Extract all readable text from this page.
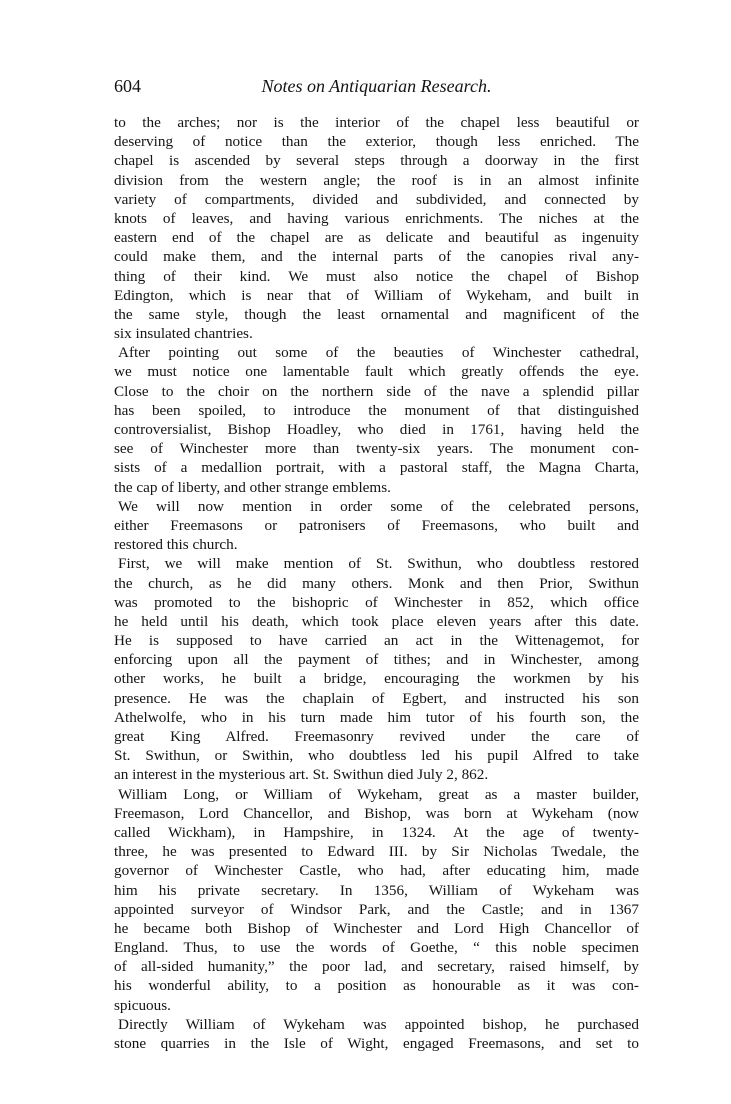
604	Notes on Antiquarian Research.
to the arches; nor is the interior of the chapel less beautiful or
deserving of notice than the exterior, though less enriched. The
chapel is ascended by several steps through a doorway in the first
division from the western angle; the roof is in an almost infinite
variety of compartments, divided and subdivided, and connected by
knots of leaves, and having various enrichments. The niches at the
eastern end of the chapel are as delicate and beautiful as ingenuity
could make them, and the internal parts of the canopies rival any-
thing of their kind. We must also notice the chapel of Bishop
Edington, which is near that of William of Wykeham, and built in
the same style, though the least ornamental and magnificent of the
six insulated chantries.
After pointing out some of the beauties of Winchester cathedral,
we must notice one lamentable fault which greatly offends the eye.
Close to the choir on the northern side of the nave a splendid pillar
has been spoiled, to introduce the monument of that distinguished
controversialist, Bishop Hoadley, who died in 1761, having held the
see of Winchester more than twenty-six years. The monument con-
sists of a medallion portrait, with a pastoral staff, the Magna Charta,
the cap of liberty, and other strange emblems.
We will now mention in order some of the celebrated persons,
either Freemasons or patronisers of Freemasons, who built and
restored this church.
First, we will make mention of St. Swithun, who doubtless restored
the church, as he did many others. Monk and then Prior, Swithun
was promoted to the bishopric of Winchester in 852, which office
he held until his death, which took place eleven years after this date.
He is supposed to have carried an act in the Wittenagemot, for
enforcing upon all the payment of tithes; and in Winchester, among
other works, he built a bridge, encouraging the workmen by his
presence. He was the chaplain of Egbert, and instructed his son
Athelwolfe, who in his turn made him tutor of his fourth son, the
great King Alfred. Freemasonry revived under the care of
St. Swithun, or Swithin, who doubtless led his pupil Alfred to take
an interest in the mysterious art. St. Swithun died July 2, 862.
William Long, or William of Wykeham, great as a master builder,
Freemason, Lord Chancellor, and Bishop, was born at Wykeham (now
called Wickham), in Hampshire, in 1324. At the age of twenty-
three, he was presented to Edward III. by Sir Nicholas Twedale, the
governor of Winchester Castle, who had, after educating him, made
him his private secretary. In 1356, William of Wykeham was
appointed surveyor of Windsor Park, and the Castle; and in 1367
he became both Bishop of Winchester and Lord High Chancellor of
England. Thus, to use the words of Goethe, “ this noble specimen
of all-sided humanity,” the poor lad, and secretary, raised himself, by
his wonderful ability, to a position as honourable as it was con-
spicuous.
Directly William of Wykeham was appointed bishop, he purchased
stone quarries in the Isle of Wight, engaged Freemasons, and set to
